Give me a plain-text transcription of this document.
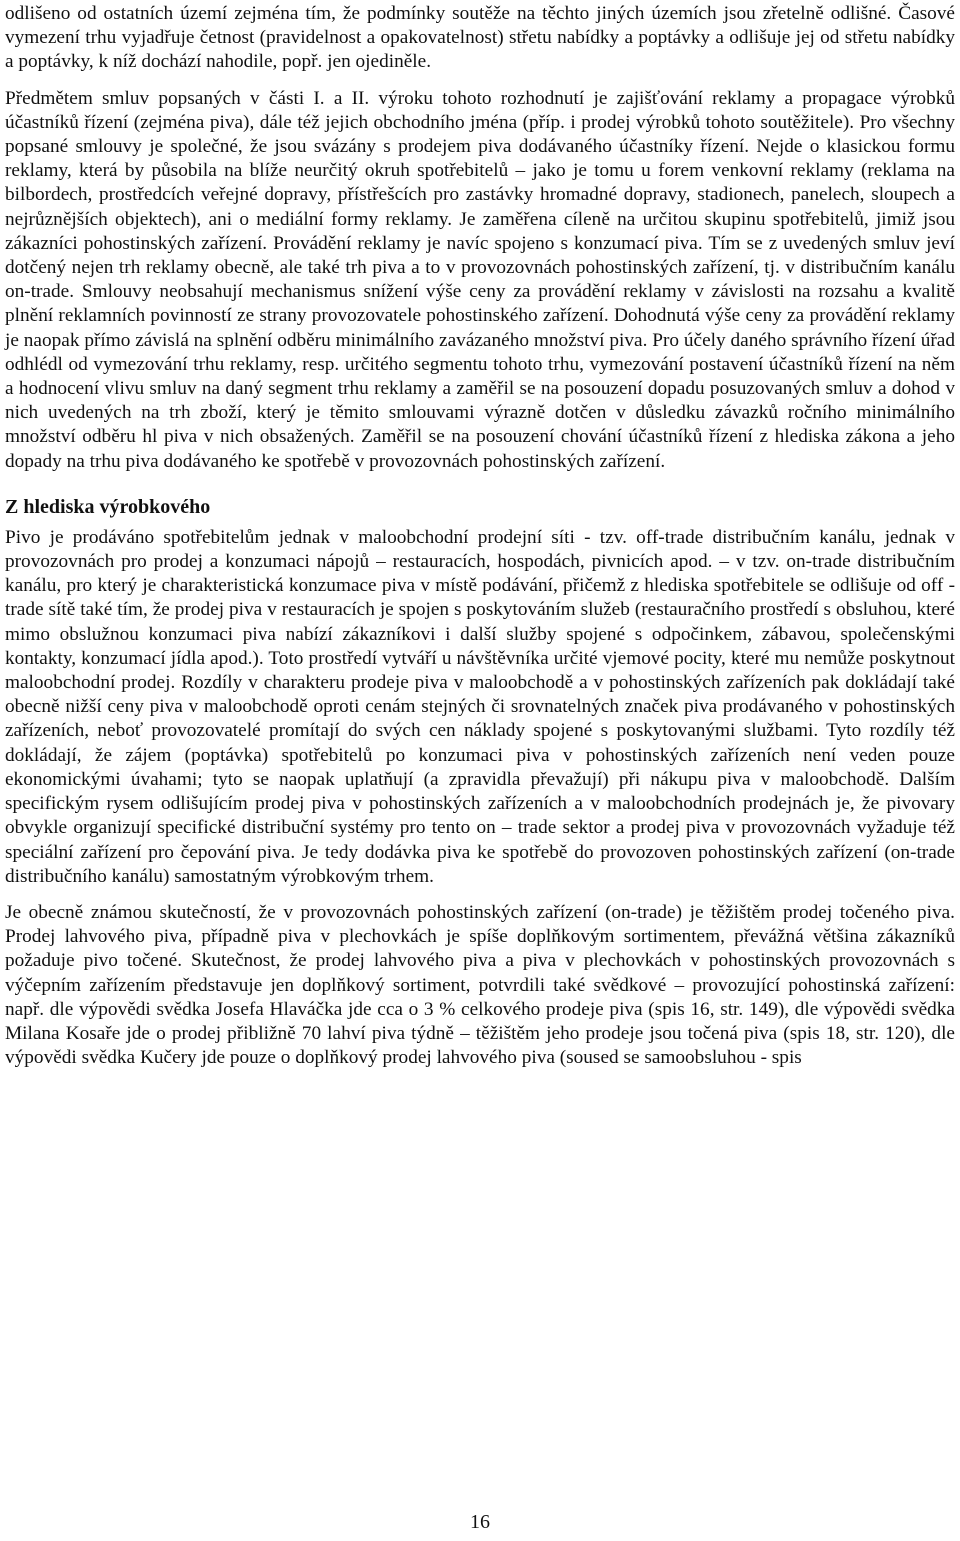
odlišeno od ostatních území zejména tím, že podmínky soutěže na těchto jiných územích jsou zřetelně odlišné. Časové vymezení trhu vyjadřuje četnost (pravidelnost a opakovatelnost) střetu nabídky a poptávky a odlišuje jej od střetu nabídky a poptávky, k níž dochází nahodile, popř. jen ojediněle.

Předmětem smluv popsaných v části I. a II. výroku tohoto rozhodnutí je zajišťování reklamy a propagace výrobků účastníků řízení (zejména piva), dále též jejich obchodního jména (příp. i prodej výrobků tohoto soutěžitele). Pro všechny popsané smlouvy je společné, že jsou svázány s prodejem piva dodávaného účastníky řízení. Nejde o klasickou formu reklamy, která by působila na blíže neurčitý okruh spotřebitelů – jako je tomu u forem venkovní reklamy (reklama na bilbordech, prostředcích veřejné dopravy, přístřešcích pro zastávky hromadné dopravy, stadionech, panelech, sloupech a nejrůznějších objektech), ani o mediální formy reklamy. Je zaměřena cíleně na určitou skupinu spotřebitelů, jimiž jsou zákazníci pohostinských zařízení. Provádění reklamy je navíc spojeno s konzumací piva. Tím se z uvedených smluv jeví dotčený nejen trh reklamy obecně, ale také trh piva a to v provozovnách pohostinských zařízení, tj. v distribučním kanálu on-trade. Smlouvy neobsahují mechanismus snížení výše ceny za provádění reklamy v závislosti na rozsahu a kvalitě plnění reklamních povinností ze strany provozovatele pohostinského zařízení. Dohodnutá výše ceny za provádění reklamy je naopak přímo závislá na splnění odběru minimálního zavázaného množství piva. Pro účely daného správního řízení úřad odhlédl od vymezování trhu reklamy, resp. určitého segmentu tohoto trhu, vymezování postavení účastníků řízení na něm a hodnocení vlivu smluv na daný segment trhu reklamy a zaměřil se na posouzení dopadu posuzovaných smluv a dohod v nich uvedených na trh zboží, který je těmito smlouvami výrazně dotčen v důsledku závazků ročního minimálního množství odběru hl piva v nich obsažených. Zaměřil se na posouzení chování účastníků řízení z hlediska zákona a jeho dopady na trhu piva dodávaného ke spotřebě v provozovnách pohostinských zařízení.

Z hlediska výrobkového

Pivo je prodáváno spotřebitelům jednak v maloobchodní prodejní síti - tzv. off-trade distribučním kanálu, jednak v provozovnách pro prodej a konzumaci nápojů – restauracích, hospodách, pivnicích apod. – v tzv. on-trade distribučním kanálu, pro který je charakteristická konzumace piva v místě podávání, přičemž z hlediska spotřebitele se odlišuje od off -trade sítě také tím, že prodej piva v restauracích je spojen s poskytováním služeb (restauračního prostředí s obsluhou, které mimo obslužnou konzumaci piva nabízí zákazníkovi i další služby spojené s odpočinkem, zábavou, společenskými kontakty, konzumací jídla apod.). Toto prostředí vytváří u návštěvníka určité vjemové pocity, které mu nemůže poskytnout maloobchodní prodej. Rozdíly v charakteru prodeje piva v maloobchodě a v pohostinských zařízeních pak dokládají také obecně nižší ceny piva v maloobchodě oproti cenám stejných či srovnatelných značek piva prodávaného v pohostinských zařízeních, neboť provozovatelé promítají do svých cen náklady spojené s poskytovanými službami. Tyto rozdíly též dokládají, že zájem (poptávka) spotřebitelů po konzumaci piva v pohostinských zařízeních není veden pouze ekonomickými úvahami; tyto se naopak uplatňují (a zpravidla převažují) při nákupu piva v maloobchodě. Dalším specifickým rysem odlišujícím prodej piva v pohostinských zařízeních a v maloobchodních prodejnách je, že pivovary obvykle organizují specifické distribuční systémy pro tento on – trade sektor a prodej piva v provozovnách vyžaduje též speciální zařízení pro čepování piva. Je tedy dodávka piva ke spotřebě do provozoven pohostinských zařízení (on-trade distribučního kanálu) samostatným výrobkovým trhem.

Je obecně známou skutečností, že v provozovnách pohostinských zařízení (on-trade) je těžištěm prodej točeného piva. Prodej lahvového piva, případně piva v plechovkách je spíše doplňkovým sortimentem, převážná většina zákazníků požaduje pivo točené. Skutečnost, že prodej lahvového piva a piva v plechovkách v pohostinských provozovnách s výčepním zařízením představuje jen doplňkový sortiment, potvrdili také svědkové – provozující pohostinská zařízení: např. dle výpovědi svědka Josefa Hlaváčka jde cca o 3 % celkového prodeje piva (spis 16, str. 149), dle výpovědi svědka Milana Kosaře jde o prodej přibližně 70 lahví piva týdně – těžištěm jeho prodeje jsou točená piva (spis 18, str. 120), dle výpovědi svědka Kučery jde pouze o doplňkový prodej lahvového piva (soused se samoobsluhou - spis

16
